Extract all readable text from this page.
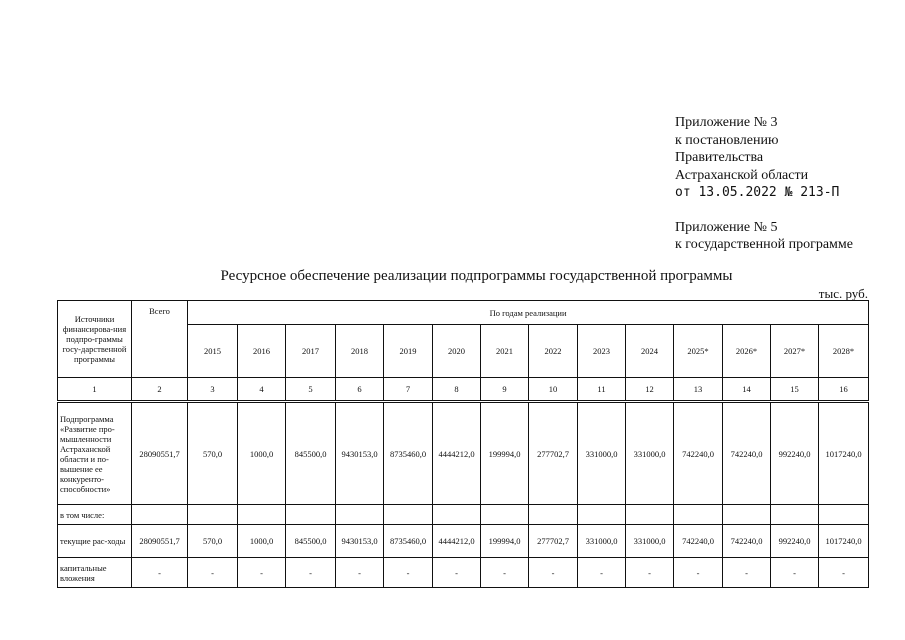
Приложение № 3
к постановлению
Правительства
Астраханской области
от 13.05.2022 № 213-П
Приложение № 5
к государственной программе
Ресурсное обеспечение реализации подпрограммы государственной программы
тыс. руб.
Источники финансирова-ния подпро-граммы госу-дарственной программы	Всего	По годам реализации													
		2015	2016	2017	2018	2019	2020	2021	2022	2023	2024	2025*	2026*	2027*	2028*
1	2	3	4	5	6	7	8	9	10	11	12	13	14	15	16
Подпрограмма «Развитие про-мышленности Астраханской области и по-вышение ее конкуренто-способности»	28090551,7	570,0	1000,0	845500,0	9430153,0	8735460,0	4444212,0	199994,0	277702,7	331000,0	331000,0	742240,0	742240,0	992240,0	1017240,0
в том числе:															
текущие рас-ходы	28090551,7	570,0	1000,0	845500,0	9430153,0	8735460,0	4444212,0	199994,0	277702,7	331000,0	331000,0	742240,0	742240,0	992240,0	1017240,0
капитальные вложения	-	-	-	-	-	-	-	-	-	-	-	-	-	-	-
